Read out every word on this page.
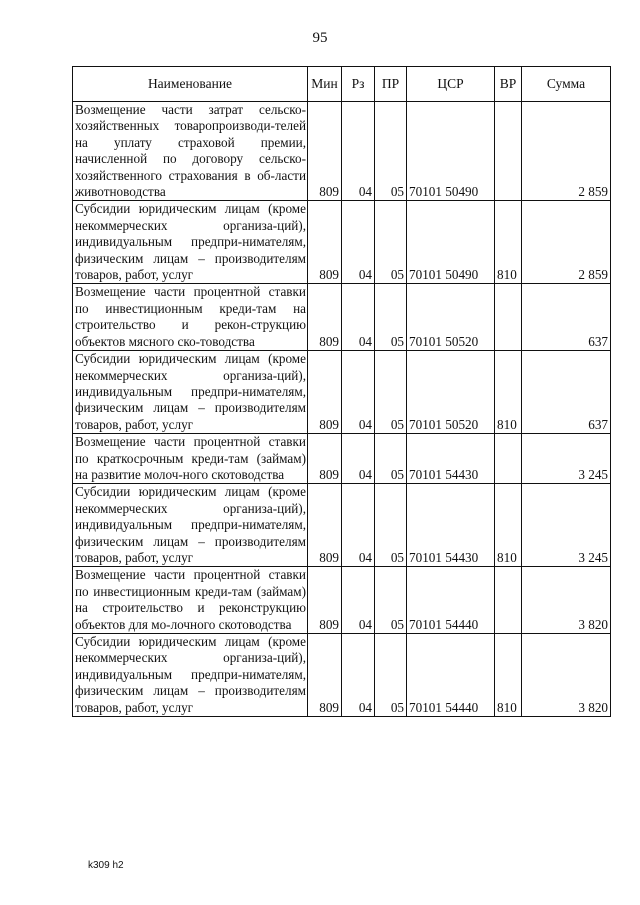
95
Наименование	Мин	Рз	ПР	ЦСР	ВР	Сумма
Возмещение части затрат сельско-хозяйственных товаропроизводи-телей на уплату страховой премии, начисленной по договору сельско-хозяйственного страхования в об-ласти животноводства	809	04	05	70101 50490		2 859
Субсидии юридическим лицам (кроме некоммерческих организа-ций), индивидуальным предпри-нимателям, физическим лицам – производителям товаров, работ, услуг	809	04	05	70101 50490	810	2 859
Возмещение части процентной ставки по инвестиционным креди-там на строительство и рекон-струкцию объектов мясного ско-товодства	809	04	05	70101 50520		637
Субсидии юридическим лицам (кроме некоммерческих организа-ций), индивидуальным предпри-нимателям, физическим лицам – производителям товаров, работ, услуг	809	04	05	70101 50520	810	637
Возмещение части процентной ставки по краткосрочным креди-там (займам) на развитие молоч-ного скотоводства	809	04	05	70101 54430		3 245
Субсидии юридическим лицам (кроме некоммерческих организа-ций), индивидуальным предпри-нимателям, физическим лицам – производителям товаров, работ, услуг	809	04	05	70101 54430	810	3 245
Возмещение части процентной ставки по инвестиционным креди-там (займам) на строительство и реконструкцию объектов для мо-лочного скотоводства	809	04	05	70101 54440		3 820
Субсидии юридическим лицам (кроме некоммерческих организа-ций), индивидуальным предпри-нимателям, физическим лицам – производителям товаров, работ, услуг	809	04	05	70101 54440	810	3 820
k309 h2
